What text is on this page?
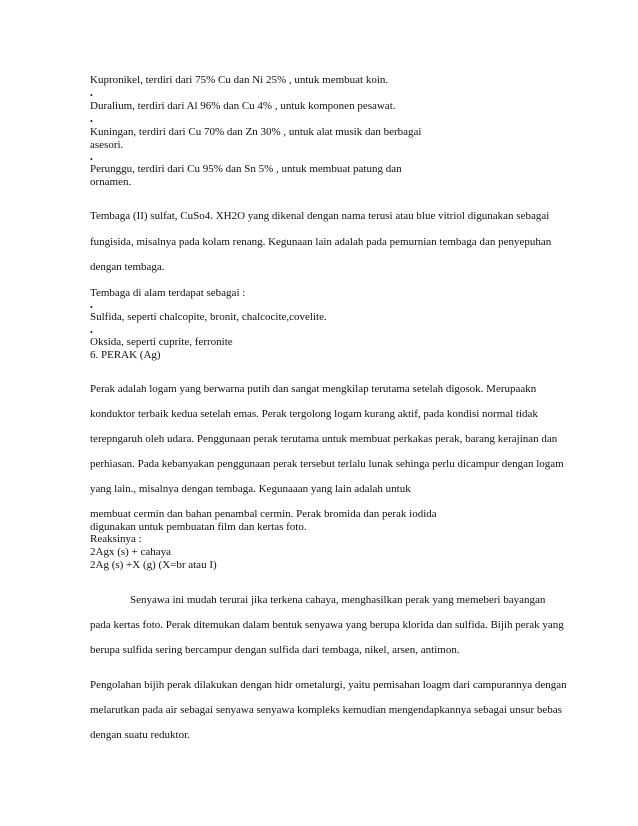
Kupronikel, terdiri dari 75% Cu dan Ni 25% , untuk membuat koin.
•
Duralium, terdiri dari Al 96% dan Cu 4% , untuk komponen pesawat.
•
Kuningan, terdiri dari Cu 70% dan Zn 30% , untuk alat musik dan berbagai
asesori.
•
Perunggu, terdiri dari Cu 95% dan Sn 5% , untuk membuat patung dan
ornamen.
Tembaga (II) sulfat, CuSo4. XH2O yang dikenal dengan nama terusi atau blue vitriol digunakan sebagai
fungisida, misalnya pada kolam renang. Kegunaan lain adalah pada pemurnian tembaga dan penyepuhan
dengan tembaga.
Tembaga di alam terdapat sebagai :
•
Sulfida, seperti chalcopite, bronit, chalcocite,covelite.
•
Oksida, seperti cuprite, ferronite
6. PERAK (Ag)
Perak adalah logam yang berwarna putih dan sangat mengkilap terutama setelah digosok. Merupaakn
konduktor terbaik kedua setelah emas. Perak tergolong logam kurang aktif, pada kondisi normal tidak
terepngaruh oleh udara. Penggunaan perak terutama untuk membuat perkakas perak, barang kerajinan dan
perhiasan. Pada kebanyakan penggunaan perak tersebut terlalu lunak sehinga perlu dicampur dengan logam
yang lain., misalnya dengan tembaga. Kegunaaan yang lain adalah untuk
membuat cermin dan bahan penambal cermin. Perak bromida dan perak iodida
digunakan untuk pembuatan film dan kertas foto.
Reaksinya :
2Agx (s) + cahaya
2Ag (s) +X (g) (X=br atau I)
Senyawa ini mudah terurai jika terkena cahaya, menghasilkan perak yang memeberi bayangan
pada kertas foto. Perak ditemukan dalam bentuk senyawa yang berupa klorida dan sulfida. Bijih perak yang
berupa sulfida sering bercampur dengan sulfida dari tembaga, nikel, arsen, antimon.
Pengolahan bijih perak dilakukan dengan hidr ometalurgi, yaitu pemisahan loagm dari campurannya dengan
melarutkan pada air sebagai senyawa senyawa kompleks kemudian mengendapkannya sebagai unsur bebas
dengan suatu reduktor.
